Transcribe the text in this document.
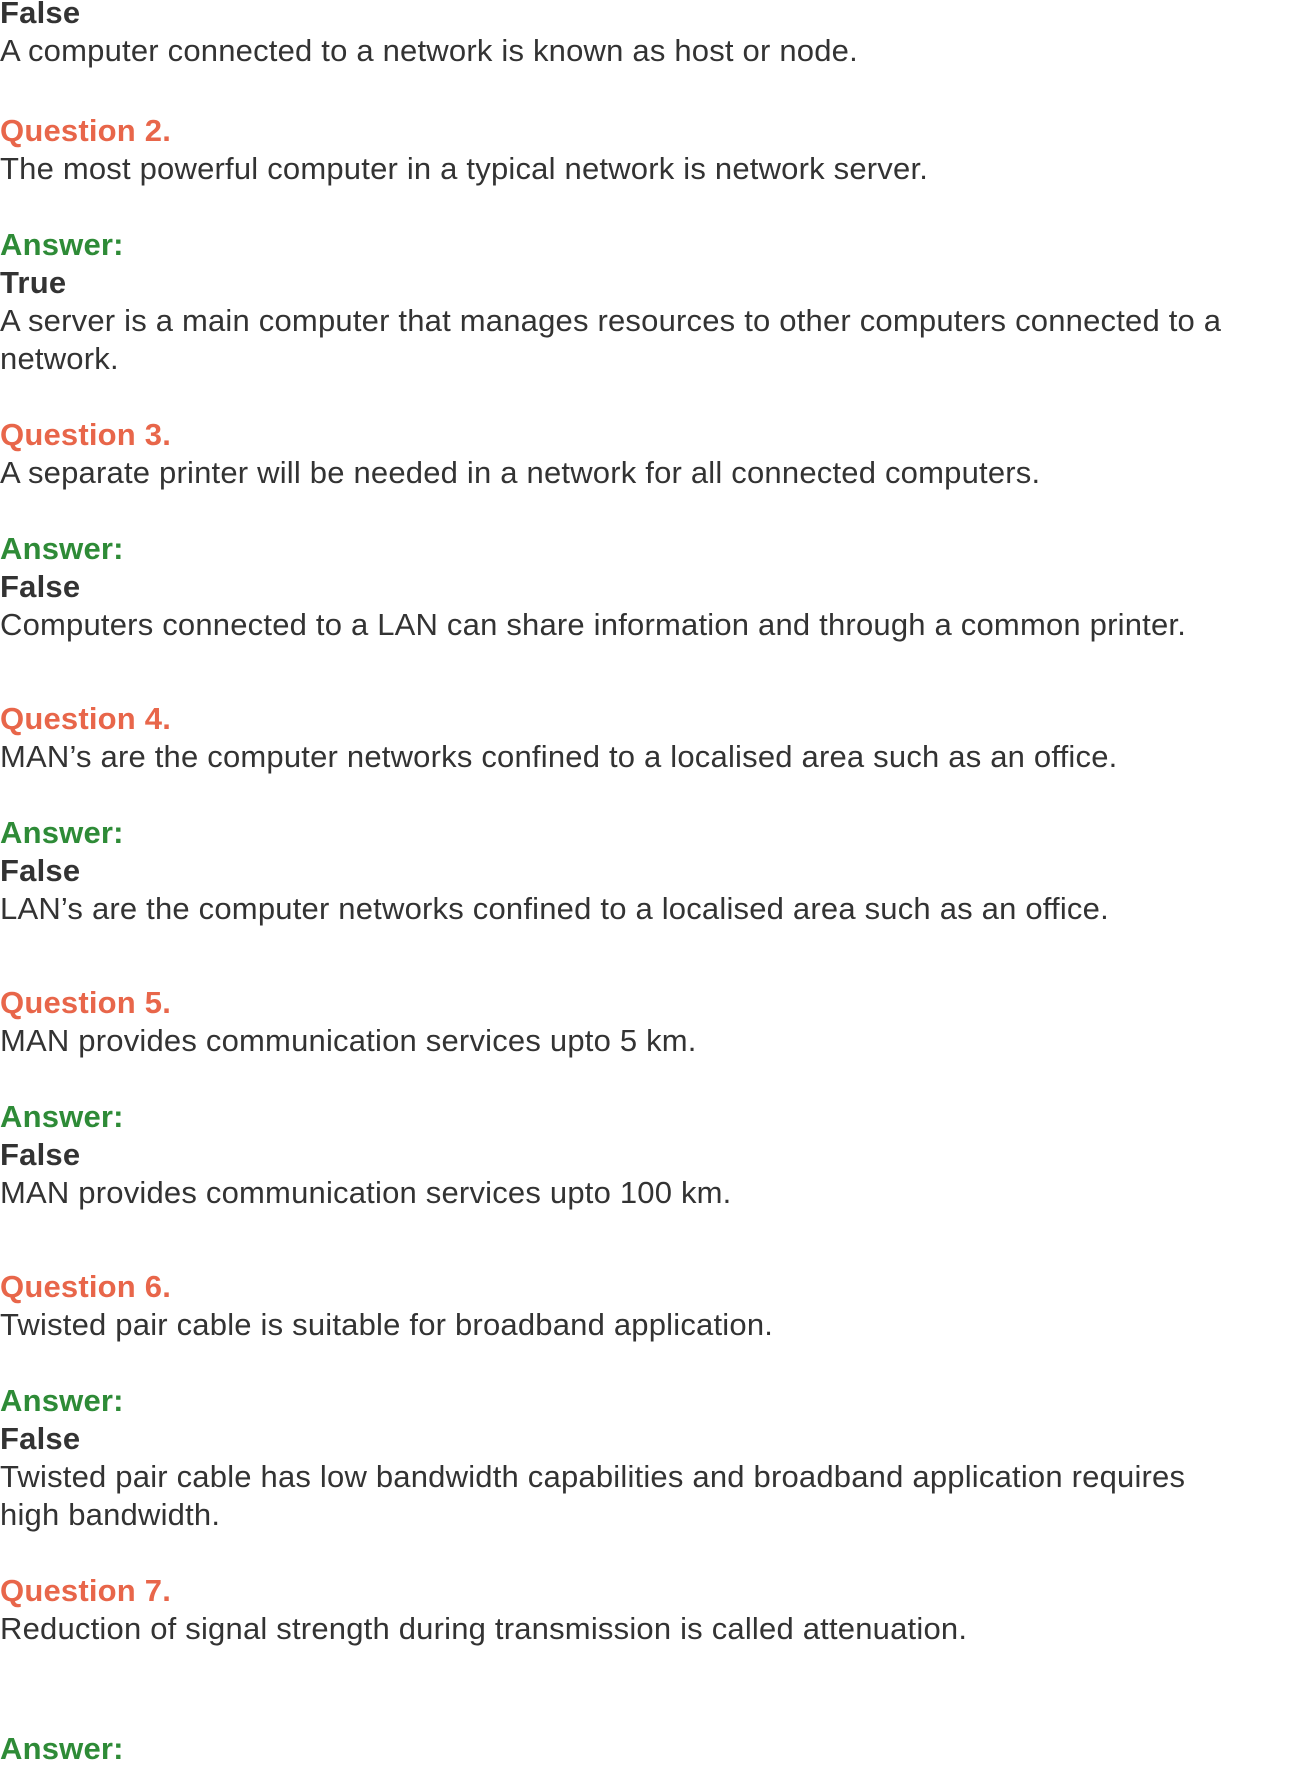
False

A computer connected to a network is known as host or node.

Question 2.

The most powerful computer in a typical network is network server.

Answer:

True

A server is a main computer that manages resources to other computers connected to a

network.

Question 3.

A separate printer will be needed in a network for all connected computers.

Answer:

False

Computers connected to a LAN can share information and through a common printer.

Question 4.

MAN’s are the computer networks confined to a localised area such as an office.

Answer:

False

LAN’s are the computer networks confined to a localised area such as an office.

Question 5.

MAN provides communication services upto 5 km.

Answer:

False

MAN provides communication services upto 100 km.

Question 6.

Twisted pair cable is suitable for broadband application.

Answer:

False

Twisted pair cable has low bandwidth capabilities and broadband application requires

high bandwidth.

Question 7.

Reduction of signal strength during transmission is called attenuation.

Answer:
